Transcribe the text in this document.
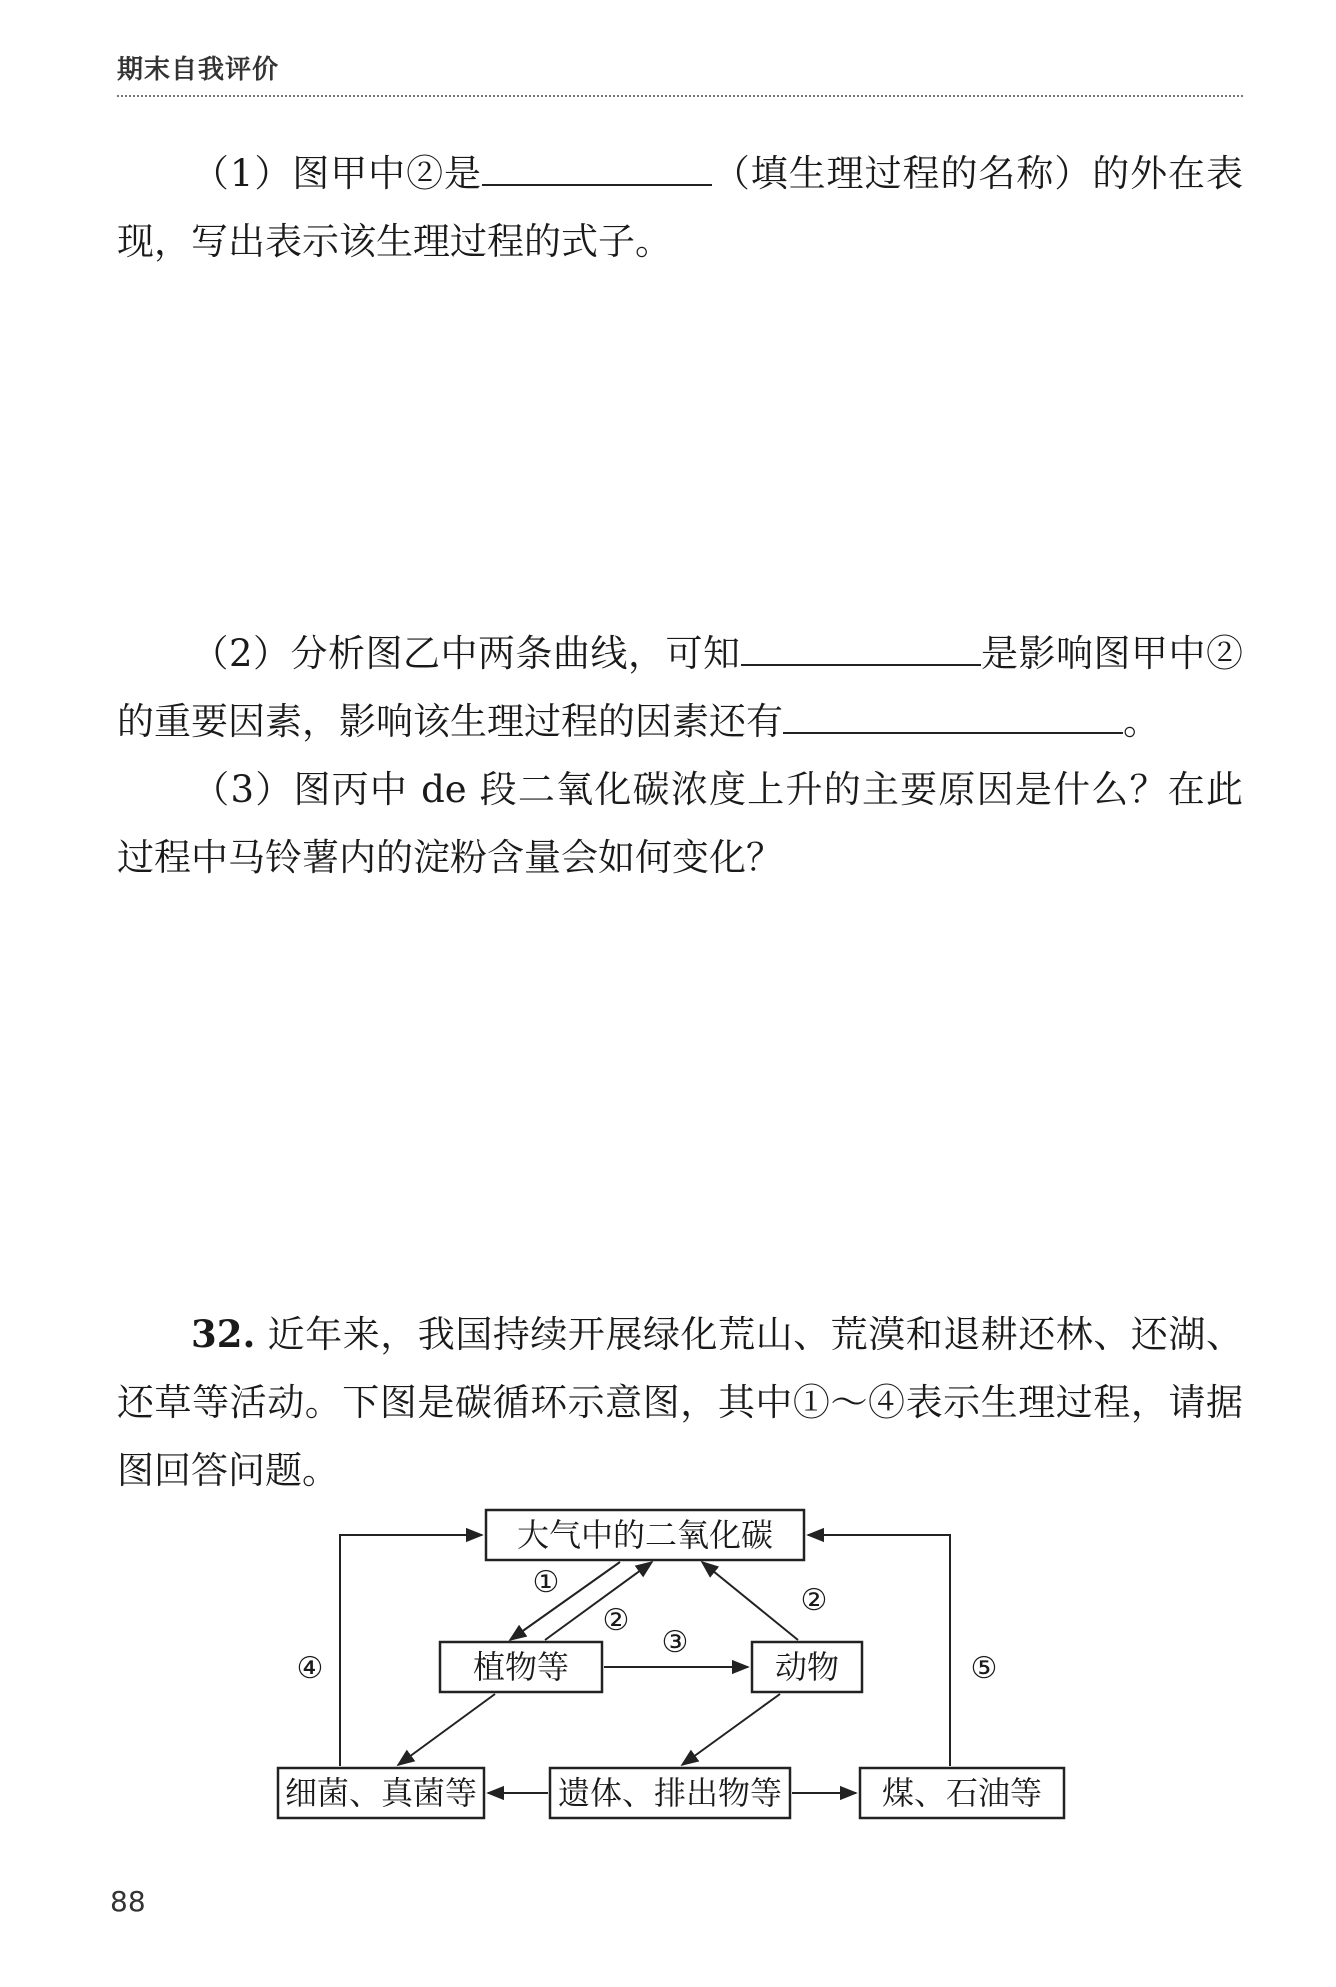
期末自我评价
（1）图甲中②是	（填生理过程的名称）的外在表现，写出表示该生理过程的式子。
（2）分析图乙中两条曲线，可知	是影响图甲中②的重要因素，影响该生理过程的因素还有	。
（3）图丙中 de 段二氧化碳浓度上升的主要原因是什么？在此过程中马铃薯内的淀粉含量会如何变化？
32. 近年来，我国持续开展绿化荒山、荒漠和退耕还林、还湖、还草等活动。下图是碳循环示意图，其中①～④表示生理过程，请据图回答问题。
大气中的二氧化碳
植物等	动物
细菌、真菌等	遗体、排出物等	煤、石油等
①
②
②
③
④	⑤
88
